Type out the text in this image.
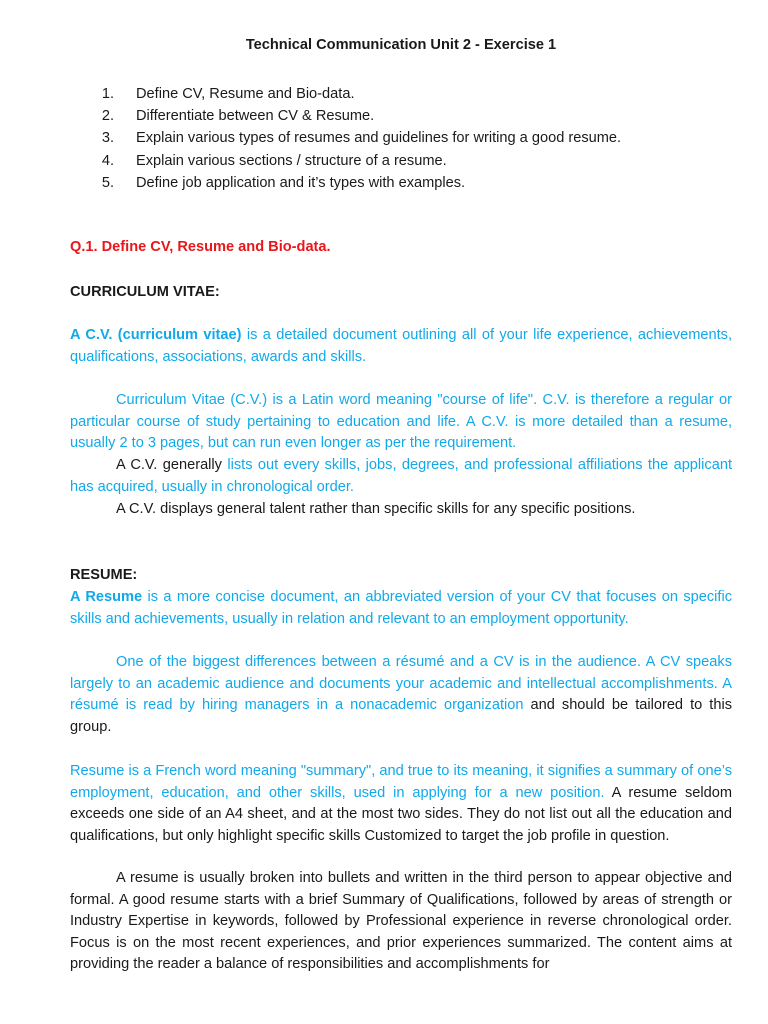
Technical Communication Unit 2 - Exercise 1
1. Define CV, Resume and Bio-data.
2. Differentiate between CV & Resume.
3. Explain various types of resumes and guidelines for writing a good resume.
4. Explain various sections / structure of a resume.
5. Define job application and it’s types with examples.

Q.1. Define CV, Resume and Bio-data.

CURRICULUM VITAE:

A C.V. (curriculum vitae) is a detailed document outlining all of your life experience, achievements, qualifications, associations, awards and skills.

Curriculum Vitae (C.V.) is a Latin word meaning "course of life". C.V. is therefore a regular or particular course of study pertaining to education and life. A C.V. is more detailed than a resume, usually 2 to 3 pages, but can run even longer as per the requirement.

A C.V. generally lists out every skills, jobs, degrees, and professional affiliations the applicant has acquired, usually in chronological order.

A C.V. displays general talent rather than specific skills for any specific positions.

RESUME:

A Resume is a more concise document, an abbreviated version of your CV that focuses on specific skills and achievements, usually in relation and relevant to an employment opportunity.

One of the biggest differences between a résumé and a CV is in the audience. A CV speaks largely to an academic audience and documents your academic and intellectual accomplishments. A résumé is read by hiring managers in a nonacademic organization and should be tailored to this group.

Resume is a French word meaning "summary", and true to its meaning, it signifies a summary of one’s employment, education, and other skills, used in applying for a new position. A resume seldom exceeds one side of an A4 sheet, and at the most two sides. They do not list out all the education and qualifications, but only highlight specific skills Customized to target the job profile in question.

A resume is usually broken into bullets and written in the third person to appear objective and formal. A good resume starts with a brief Summary of Qualifications, followed by areas of strength or Industry Expertise in keywords, followed by Professional experience in reverse chronological order. Focus is on the most recent experiences, and prior experiences summarized. The content aims at providing the reader a balance of responsibilities and accomplishments for
